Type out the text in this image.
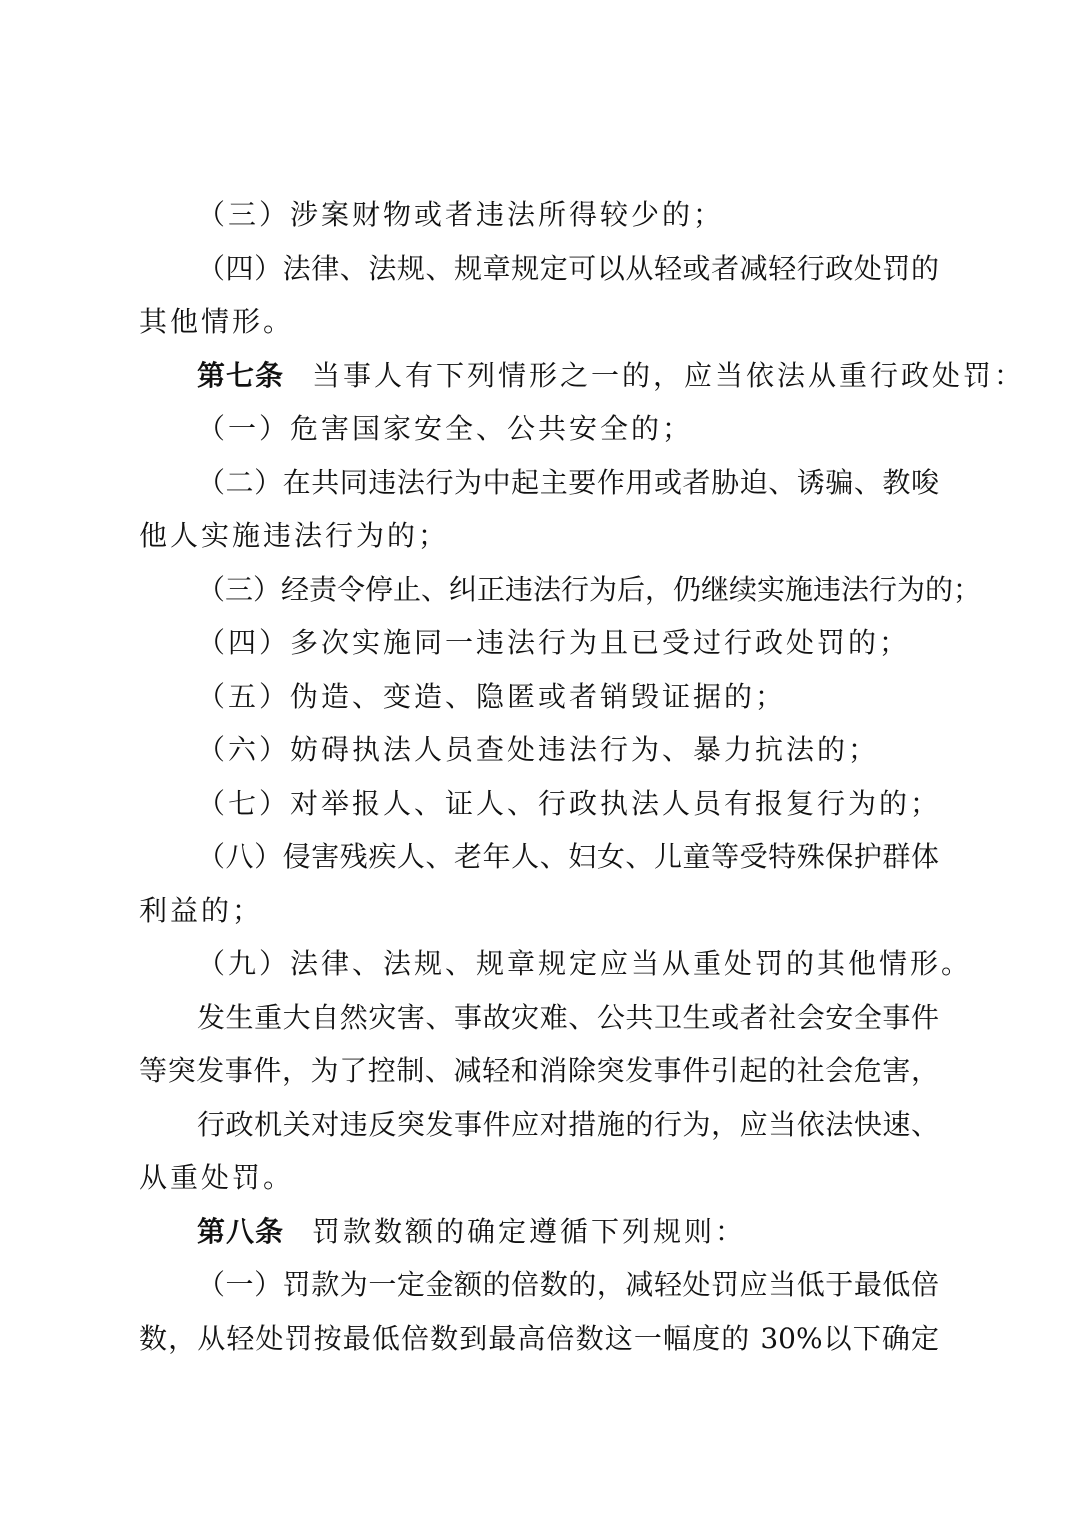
（三）涉案财物或者违法所得较少的；
（四）法律、法规、规章规定可以从轻或者减轻行政处罚的
其他情形。
第七条 当事人有下列情形之一的，应当依法从重行政处罚：
（一）危害国家安全、公共安全的；
（二）在共同违法行为中起主要作用或者胁迫、诱骗、教唆
他人实施违法行为的；
（三）经责令停止、纠正违法行为后，仍继续实施违法行为的；
（四）多次实施同一违法行为且已受过行政处罚的；
（五）伪造、变造、隐匿或者销毁证据的；
（六）妨碍执法人员查处违法行为、暴力抗法的；
（七）对举报人、证人、行政执法人员有报复行为的；
（八）侵害残疾人、老年人、妇女、儿童等受特殊保护群体
利益的；
（九）法律、法规、规章规定应当从重处罚的其他情形。
发生重大自然灾害、事故灾难、公共卫生或者社会安全事件
等突发事件，为了控制、减轻和消除突发事件引起的社会危害，
行政机关对违反突发事件应对措施的行为，应当依法快速、
从重处罚。
第八条 罚款数额的确定遵循下列规则：
（一）罚款为一定金额的倍数的，减轻处罚应当低于最低倍
数，从轻处罚按最低倍数到最高倍数这一幅度的 30%以下确定
